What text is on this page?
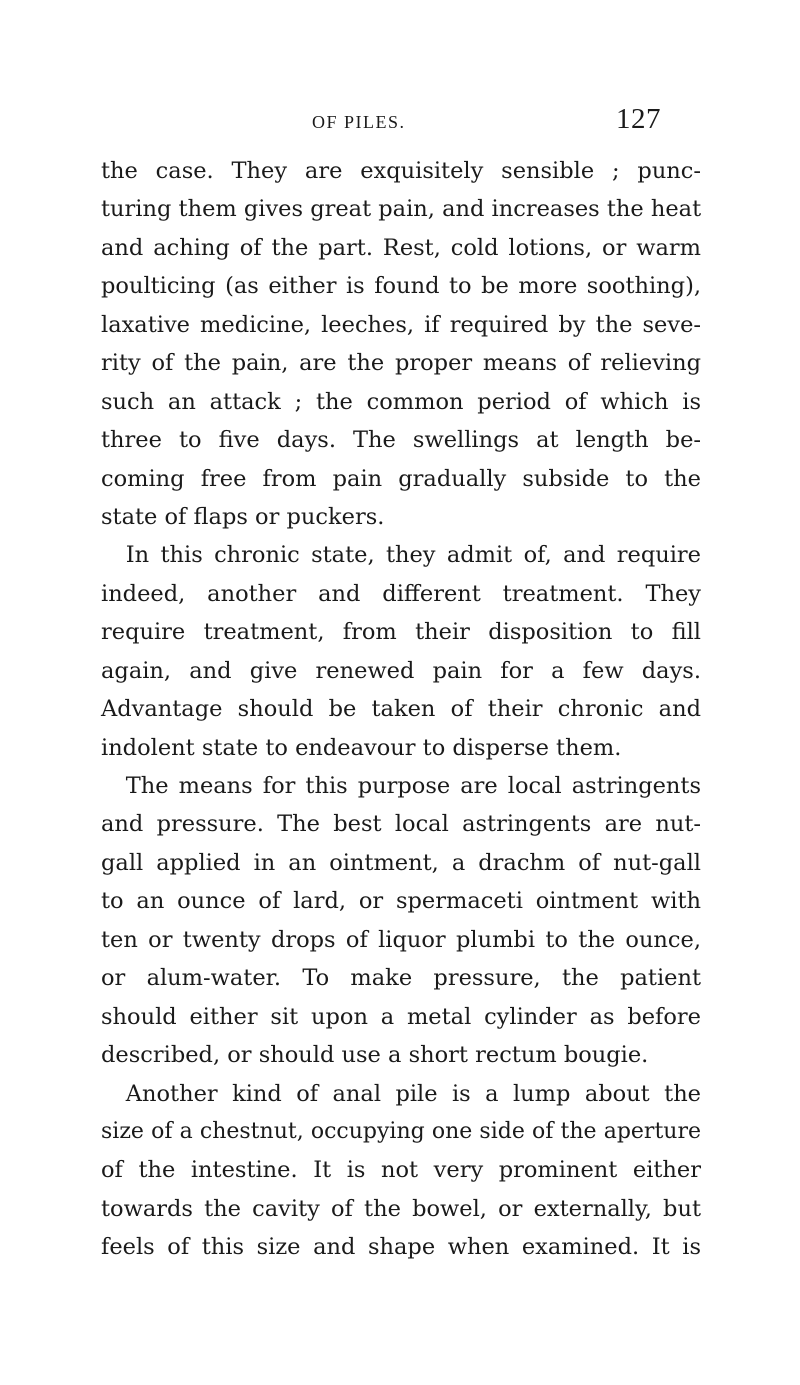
OF PILES.	127
the case. They are exquisitely sensible ; punc-
turing them gives great pain, and increases the heat
and aching of the part. Rest, cold lotions, or warm
poulticing (as either is found to be more soothing),
laxative medicine, leeches, if required by the seve-
rity of the pain, are the proper means of relieving
such an attack ; the common period of which is
three to five days. The swellings at length be-
coming free from pain gradually subside to the
state of flaps or puckers.
In this chronic state, they admit of, and require
indeed, another and different treatment. They
require treatment, from their disposition to fill
again, and give renewed pain for a few days.
Advantage should be taken of their chronic and
indolent state to endeavour to disperse them.
The means for this purpose are local astringents
and pressure. The best local astringents are nut-
gall applied in an ointment, a drachm of nut-gall
to an ounce of lard, or spermaceti ointment with
ten or twenty drops of liquor plumbi to the ounce,
or alum-water. To make pressure, the patient
should either sit upon a metal cylinder as before
described, or should use a short rectum bougie.
Another kind of anal pile is a lump about the
size of a chestnut, occupying one side of the aperture
of the intestine. It is not very prominent either
towards the cavity of the bowel, or externally, but
feels of this size and shape when examined. It is
